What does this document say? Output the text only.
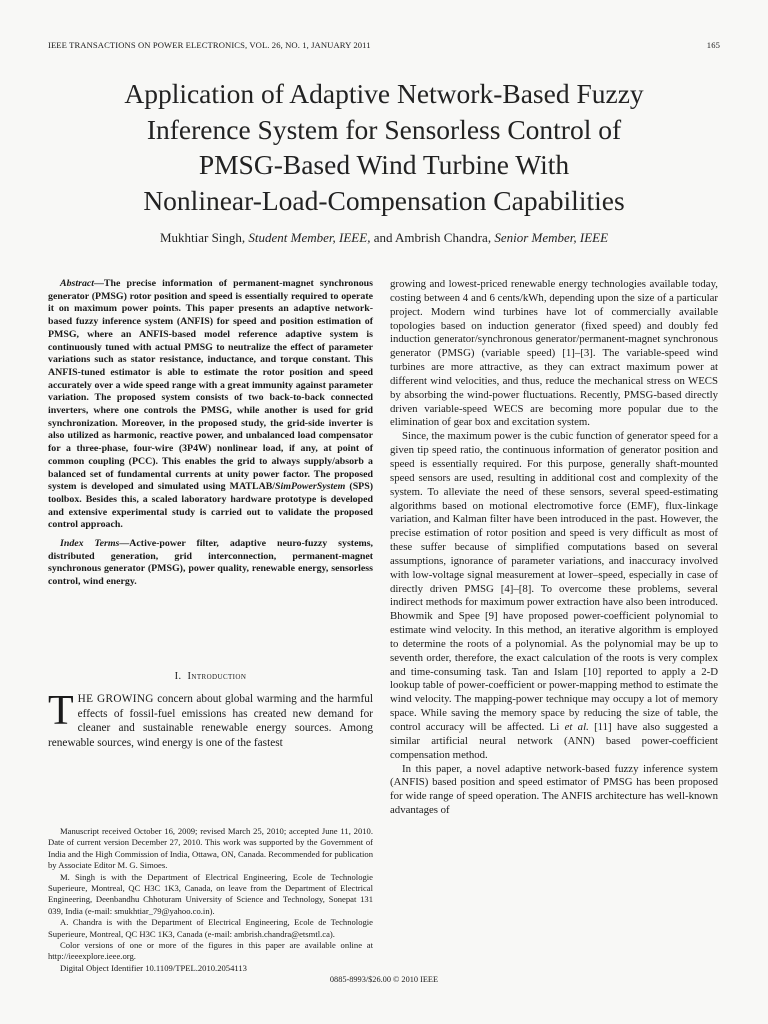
IEEE TRANSACTIONS ON POWER ELECTRONICS, VOL. 26, NO. 1, JANUARY 2011	165
Application of Adaptive Network-Based Fuzzy
Inference System for Sensorless Control of
PMSG-Based Wind Turbine With
Nonlinear-Load-Compensation Capabilities
Mukhtiar Singh, Student Member, IEEE, and Ambrish Chandra, Senior Member, IEEE

Abstract—The precise information of permanent-magnet synchronous generator (PMSG) rotor position and speed is essentially required to operate it on maximum power points. This paper presents an adaptive network-based fuzzy inference system (ANFIS) for speed and position estimation of PMSG, where an ANFIS-based model reference adaptive system is continuously tuned with actual PMSG to neutralize the effect of parameter variations such as stator resistance, inductance, and torque constant. This ANFIS-tuned estimator is able to estimate the rotor position and speed accurately over a wide speed range with a great immunity against parameter variation. The proposed system consists of two back-to-back connected inverters, where one controls the PMSG, while another is used for grid synchronization. Moreover, in the proposed study, the grid-side inverter is also utilized as harmonic, reactive power, and unbalanced load compensator for a three-phase, four-wire (3P4W) nonlinear load, if any, at point of common coupling (PCC). This enables the grid to always supply/absorb a balanced set of fundamental currents at unity power factor. The proposed system is developed and simulated using MATLAB/SimPowerSystem (SPS) toolbox. Besides this, a scaled laboratory hardware prototype is developed and extensive experimental study is carried out to validate the proposed control approach.

Index Terms—Active-power filter, adaptive neuro-fuzzy systems, distributed generation, grid interconnection, permanent-magnet synchronous generator (PMSG), power quality, renewable energy, sensorless control, wind energy.

I. Introduction
THE GROWING concern about global warming and the harmful effects of fossil-fuel emissions has created new demand for cleaner and sustainable renewable energy sources. Among renewable sources, wind energy is one of the fastest

Manuscript received October 16, 2009; revised March 25, 2010; accepted June 11, 2010. Date of current version December 27, 2010. This work was supported by the Government of India and the High Commission of India, Ottawa, ON, Canada. Recommended for publication by Associate Editor M. G. Simoes.

M. Singh is with the Department of Electrical Engineering, Ecole de Technologie Superieure, Montreal, QC H3C 1K3, Canada, on leave from the Department of Electrical Engineering, Deenbandhu Chhoturam University of Science and Technology, Sonepat 131 039, India (e-mail: smukhtiar_79@yahoo.co.in).

A. Chandra is with the Department of Electrical Engineering, Ecole de Technologie Superieure, Montreal, QC H3C 1K3, Canada (e-mail: ambrish.chandra@etsmtl.ca).

Color versions of one or more of the figures in this paper are available online at http://ieeexplore.ieee.org.

Digital Object Identifier 10.1109/TPEL.2010.2054113

growing and lowest-priced renewable energy technologies available today, costing between 4 and 6 cents/kWh, depending upon the size of a particular project. Modern wind turbines have lot of commercially available topologies based on induction generator (fixed speed) and doubly fed induction generator/synchronous generator/permanent-magnet synchronous generator (PMSG) (variable speed) [1]–[3]. The variable-speed wind turbines are more attractive, as they can extract maximum power at different wind velocities, and thus, reduce the mechanical stress on WECS by absorbing the wind-power fluctuations. Recently, PMSG-based directly driven variable-speed WECS are becoming more popular due to the elimination of gear box and excitation system.

Since, the maximum power is the cubic function of generator speed for a given tip speed ratio, the continuous information of generator position and speed is essentially required. For this purpose, generally shaft-mounted speed sensors are used, resulting in additional cost and complexity of the system. To alleviate the need of these sensors, several speed-estimating algorithms based on motional electromotive force (EMF), flux-linkage variation, and Kalman filter have been introduced in the past. However, the precise estimation of rotor position and speed is very difficult as most of these suffer because of simplified computations based on several assumptions, ignorance of parameter variations, and inaccuracy involved with low-voltage signal measurement at lower–speed, especially in case of directly driven PMSG [4]–[8]. To overcome these problems, several indirect methods for maximum power extraction have also been introduced. Bhowmik and Spee [9] have proposed power-coefficient polynomial to estimate wind velocity. In this method, an iterative algorithm is employed to determine the roots of a polynomial. As the polynomial may be up to seventh order, therefore, the exact calculation of the roots is very complex and time-consuming task. Tan and Islam [10] reported to apply a 2-D lookup table of power-coefficient or power-mapping method to estimate the wind velocity. The mapping-power technique may occupy a lot of memory space. While saving the memory space by reducing the size of table, the control accuracy will be affected. Li et al. [11] have also suggested a similar artificial neural network (ANN) based power-coefficient compensation method.

In this paper, a novel adaptive network-based fuzzy inference system (ANFIS) based position and speed estimator of PMSG has been proposed for wide range of speed operation. The ANFIS architecture has well-known advantages of

0885-8993/$26.00 © 2010 IEEE
